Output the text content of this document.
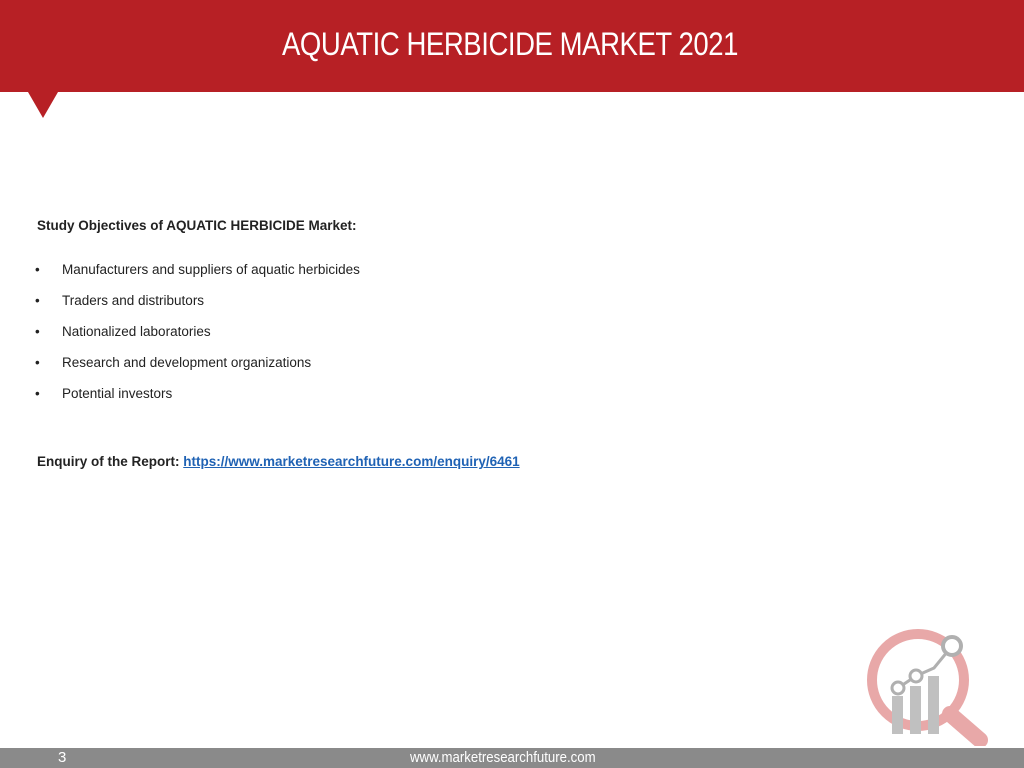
AQUATIC HERBICIDE MARKET 2021
Study Objectives of AQUATIC HERBICIDE Market:
• Manufacturers and suppliers of aquatic herbicides
• Traders and distributors
• Nationalized laboratories
• Research and development organizations
• Potential investors
Enquiry of the Report: https://www.marketresearchfuture.com/enquiry/6461
3	www.marketresearchfuture.com
